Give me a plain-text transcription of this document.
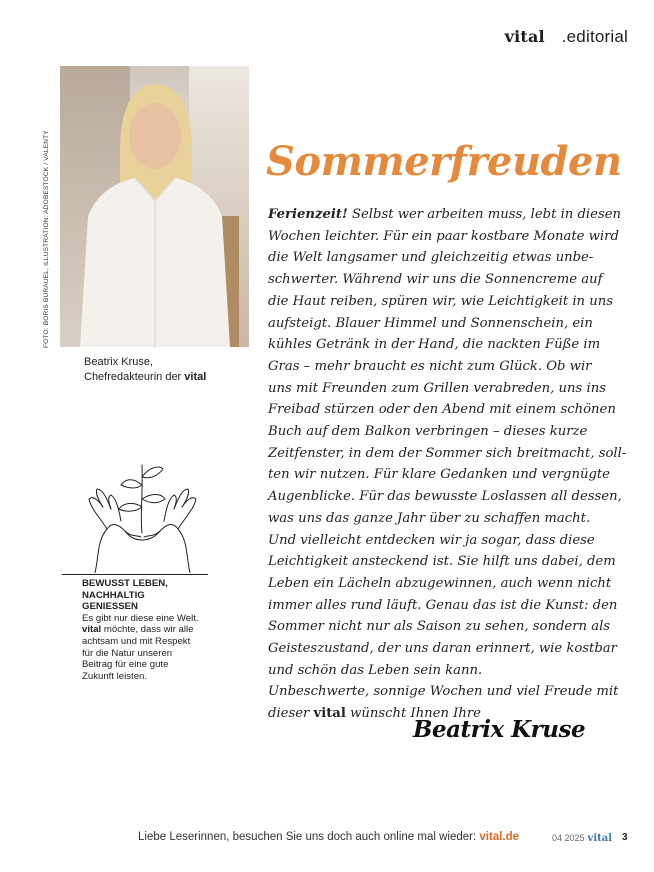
vital .editorial
FOTO: BORIS BURAUEL, ILLUSTRATION: ADOBESTOCK / VALENTY
Beatrix Kruse,
Chefredakteurin der vital
BEWUSST LEBEN,
NACHHALTIG GENIESSEN
Es gibt nur diese eine Welt. vital möchte, dass wir alle achtsam und mit Respekt für die Natur unseren Beitrag für eine gute Zukunft leisten.
Sommerfreuden
Ferienzeit! Selbst wer arbeiten muss, lebt in diesen
Wochen leichter. Für ein paar kostbare Monate wird
die Welt langsamer und gleichzeitig etwas unbe-
schwerter. Während wir uns die Sonnencreme auf
die Haut reiben, spüren wir, wie Leichtigkeit in uns
aufsteigt. Blauer Himmel und Sonnenschein, ein
kühles Getränk in der Hand, die nackten Füße im
Gras – mehr braucht es nicht zum Glück. Ob wir
uns mit Freunden zum Grillen verabreden, uns ins
Freibad stürzen oder den Abend mit einem schönen
Buch auf dem Balkon verbringen – dieses kurze
Zeitfenster, in dem der Sommer sich breitmacht, soll-
ten wir nutzen. Für klare Gedanken und vergnügte
Augenblicke. Für das bewusste Loslassen all dessen,
was uns das ganze Jahr über zu schaffen macht.
Und vielleicht entdecken wir ja sogar, dass diese
Leichtigkeit ansteckend ist. Sie hilft uns dabei, dem
Leben ein Lächeln abzugewinnen, auch wenn nicht
immer alles rund läuft. Genau das ist die Kunst: den
Sommer nicht nur als Saison zu sehen, sondern als
Geisteszustand, der uns daran erinnert, wie kostbar
und schön das Leben sein kann.
Unbeschwerte, sonnige Wochen und viel Freude mit
dieser vital wünscht Ihnen Ihre
Beatrix Kruse
Liebe Leserinnen, besuchen Sie uns doch auch online mal wieder: vital.de	04 2025 vital 3
